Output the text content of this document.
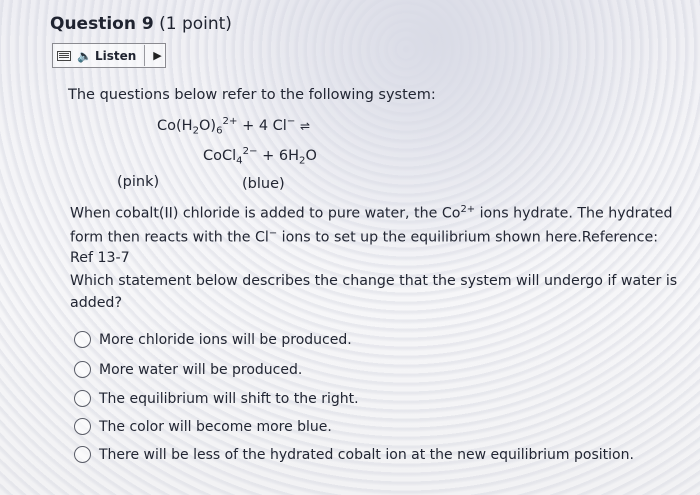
Question 9 (1 point)
🔈 Listen ▶
The questions below refer to the following system:
$Co(H_2O)_6^{2+} + 4$ Cl− ⇌
CoCl$_4^{2-}$ + $6H_2O$
(pink)	(blue)
When cobalt(II) chloride is added to pure water, the $Co^{2+}$ ions hydrate. The hydrated
form then reacts with the Cl− ions to set up the equilibrium shown here.Reference:
Ref 13-7
Which statement below describes the change that the system will undergo if water is
added?
More chloride ions will be produced.
More water will be produced.
The equilibrium will shift to the right.
The color will become more blue.
There will be less of the hydrated cobalt ion at the new equilibrium position.
